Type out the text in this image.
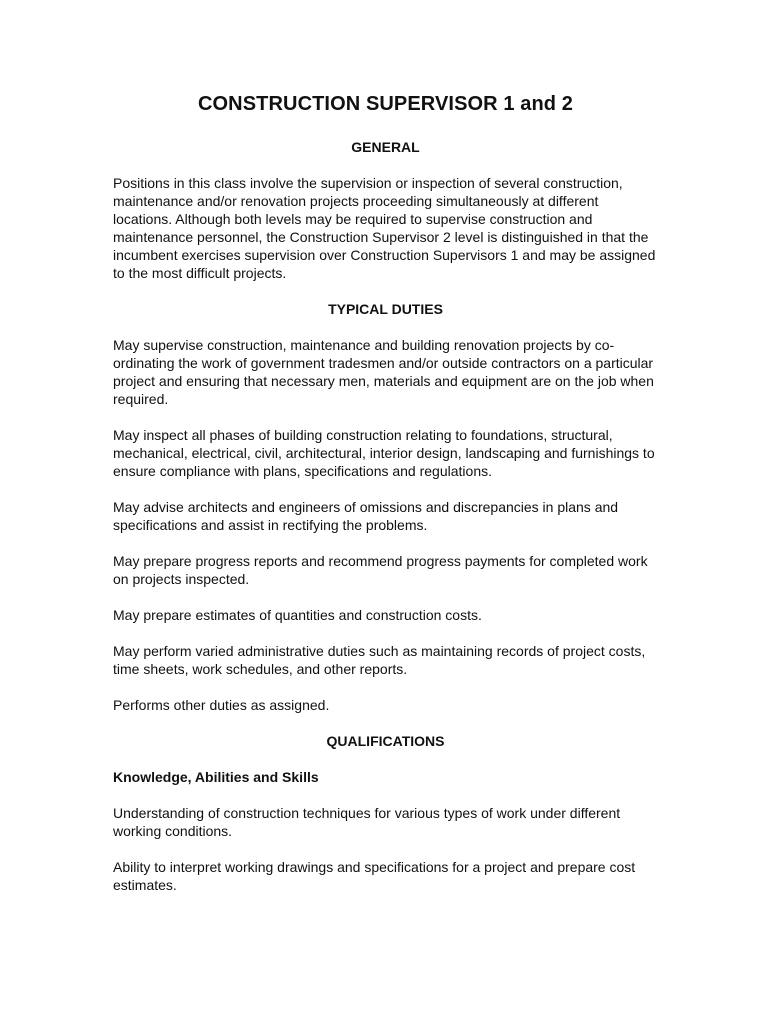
CONSTRUCTION SUPERVISOR 1 and 2
GENERAL

Positions in this class involve the supervision or inspection of several construction, maintenance and/or renovation projects proceeding simultaneously at different locations. Although both levels may be required to supervise construction and maintenance personnel, the Construction Supervisor 2 level is distinguished in that the incumbent exercises supervision over Construction Supervisors 1 and may be assigned to the most difficult projects.

TYPICAL DUTIES

May supervise construction, maintenance and building renovation projects by co-ordinating the work of government tradesmen and/or outside contractors on a particular project and ensuring that necessary men, materials and equipment are on the job when required.

May inspect all phases of building construction relating to foundations, structural, mechanical, electrical, civil, architectural, interior design, landscaping and furnishings to ensure compliance with plans, specifications and regulations.

May advise architects and engineers of omissions and discrepancies in plans and specifications and assist in rectifying the problems.

May prepare progress reports and recommend progress payments for completed work on projects inspected.

May prepare estimates of quantities and construction costs.

May perform varied administrative duties such as maintaining records of project costs, time sheets, work schedules, and other reports.

Performs other duties as assigned.

QUALIFICATIONS
Knowledge, Abilities and Skills

Understanding of construction techniques for various types of work under different working conditions.

Ability to interpret working drawings and specifications for a project and prepare cost estimates.
